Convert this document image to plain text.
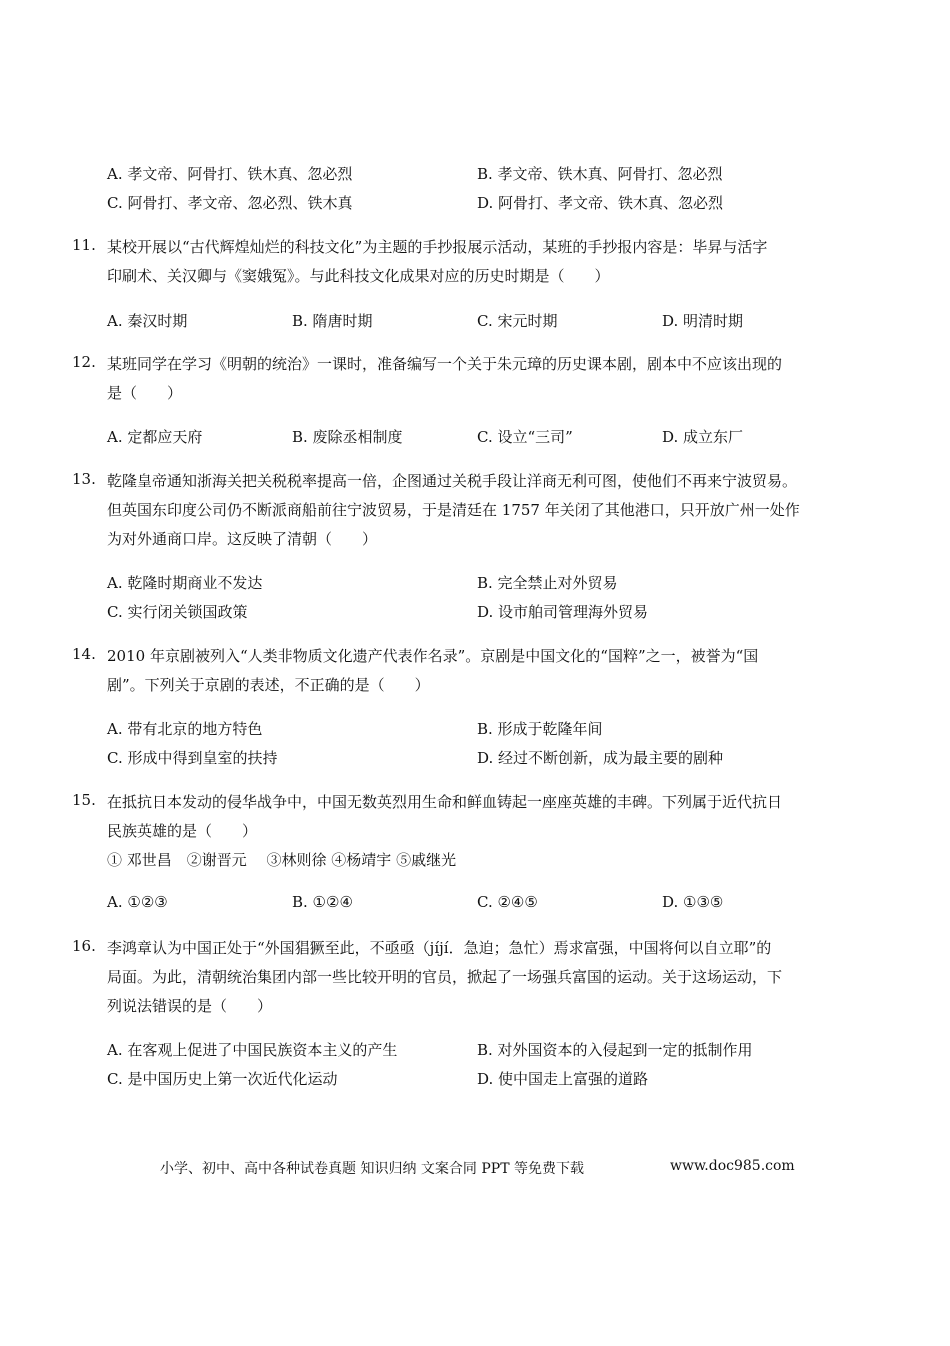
A. 孝文帝、阿骨打、铁木真、忽必烈	B. 孝文帝、铁木真、阿骨打、忽必烈
C. 阿骨打、孝文帝、忽必烈、铁木真	D. 阿骨打、孝文帝、铁木真、忽必烈
11. 某校开展以“古代辉煌灿烂的科技文化”为主题的手抄报展示活动，某班的手抄报内容是：毕昇与活字
印刷术、关汉卿与《窦娥冤》。与此科技文化成果对应的历史时期是（　　）
A. 秦汉时期	B. 隋唐时期	C. 宋元时期	D. 明清时期
12. 某班同学在学习《明朝的统治》一课时，准备编写一个关于朱元璋的历史课本剧，剧本中不应该出现的
是（　　）
A. 定都应天府	B. 废除丞相制度	C. 设立“三司”	D. 成立东厂
13. 乾隆皇帝通知浙海关把关税税率提高一倍，企图通过关税手段让洋商无利可图，使他们不再来宁波贸易。
但英国东印度公司仍不断派商船前往宁波贸易，于是清廷在 1757 年关闭了其他港口，只开放广州一处作
为对外通商口岸。这反映了清朝（　　）
A. 乾隆时期商业不发达	B. 完全禁止对外贸易
C. 实行闭关锁国政策	D. 设市舶司管理海外贸易
14. 2010 年京剧被列入“人类非物质文化遗产代表作名录”。京剧是中国文化的“国粹”之一，被誉为“国
剧”。下列关于京剧的表述，不正确的是（　　）
A. 带有北京的地方特色	B. 形成于乾隆年间
C. 形成中得到皇室的扶持	D. 经过不断创新，成为最主要的剧种
15. 在抵抗日本发动的侵华战争中，中国无数英烈用生命和鲜血铸起一座座英雄的丰碑。下列属于近代抗日
民族英雄的是（　　）
① 邓世昌　②谢晋元　 ③林则徐 ④杨靖宇 ⑤戚继光
A. ①②③	B. ①②④	C. ②④⑤	D. ①③⑤
16. 李鸿章认为中国正处于“外国猖獗至此，不亟亟（jíjí．急迫；急忙）焉求富强，中国将何以自立耶”的
局面。为此，清朝统治集团内部一些比较开明的官员，掀起了一场强兵富国的运动。关于这场运动，下
列说法错误的是（　　）
A. 在客观上促进了中国民族资本主义的产生	B. 对外国资本的入侵起到一定的抵制作用
C. 是中国历史上第一次近代化运动	D. 使中国走上富强的道路
小学、初中、高中各种试卷真题 知识归纳 文案合同 PPT 等免费下载	www.doc985.com
